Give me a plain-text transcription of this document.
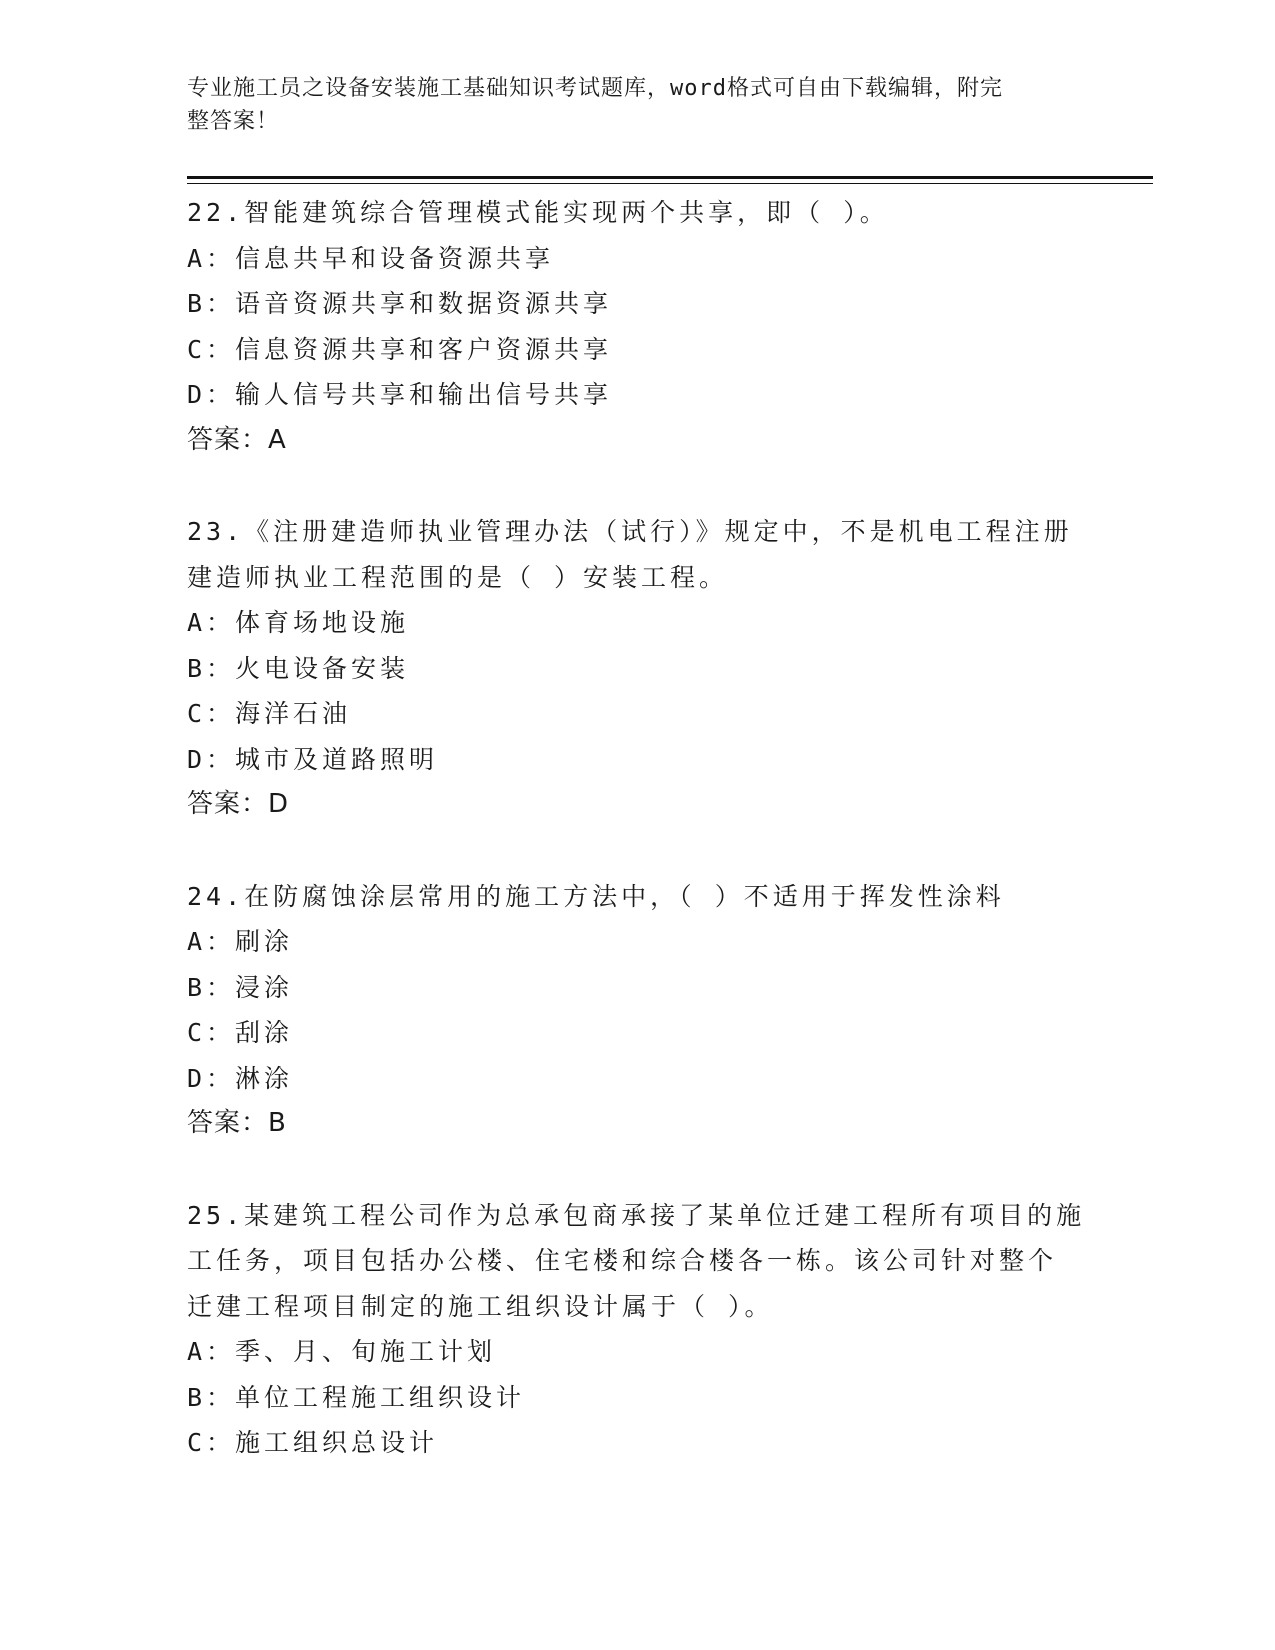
专业施工员之设备安装施工基础知识考试题库，word格式可自由下载编辑，附完
整答案！
22.智能建筑综合管理模式能实现两个共享，即（ ）。
A：信息共早和设备资源共享
B：语音资源共享和数据资源共享
C：信息资源共享和客户资源共享
D：输人信号共享和输出信号共享
答案：A
23.《注册建造师执业管理办法（试行）》规定中，不是机电工程注册
建造师执业工程范围的是（ ）安装工程。
A：体育场地设施
B：火电设备安装
C：海洋石油
D：城市及道路照明
答案：D
24.在防腐蚀涂层常用的施工方法中，（ ）不适用于挥发性涂料
A：刷涂
B：浸涂
C：刮涂
D：淋涂
答案：B
25.某建筑工程公司作为总承包商承接了某单位迁建工程所有项目的施
工任务，项目包括办公楼、住宅楼和综合楼各一栋。该公司针对整个
迁建工程项目制定的施工组织设计属于（ ）。
A：季、月、旬施工计划
B：单位工程施工组织设计
C：施工组织总设计
